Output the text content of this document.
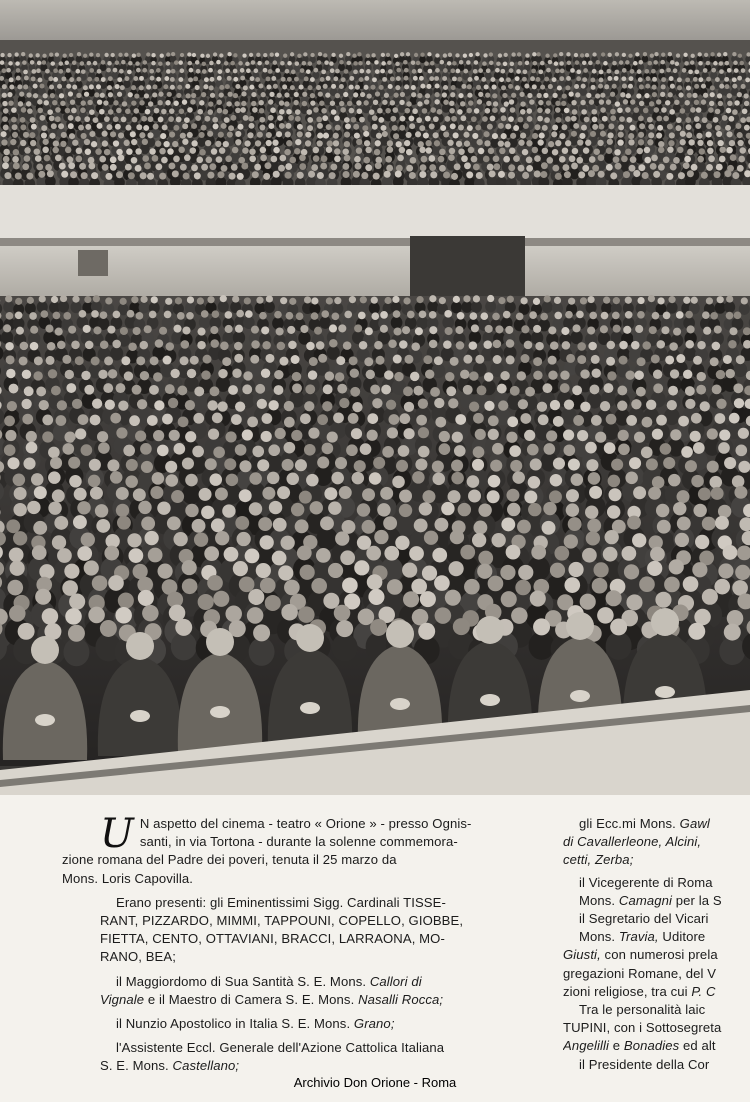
U N aspetto del cinema - teatro « Orione » - presso Ognis-
santi, in via Tortona - durante la solenne commemora-
zione romana del Padre dei poveri, tenuta il 25 marzo da
Mons. Loris Capovilla.

Erano presenti: gli Eminentissimi Sigg. Cardinali TISSE-
RANT, PIZZARDO, MIMMI, TAPPOUNI, COPELLO, GIOBBE,
FIETTA, CENTO, OTTAVIANI, BRACCI, LARRAONA, MO-
RANO, BEA;

il Maggiordomo di Sua Santità S. E. Mons. Callori di
Vignale e il Maestro di Camera S. E. Mons. Nasalli Rocca;

il Nunzio Apostolico in Italia S. E. Mons. Grano;

l'Assistente Eccl. Generale dell'Azione Cattolica Italiana
S. E. Mons. Castellano;

gli Ecc.mi Mons. Gawl
di Cavallerleone, Alcini,
cetti, Zerba;
il Vicegerente di Roma
Mons. Camagni per la S
il Segretario del Vicari
Mons. Travia, Uditore
Giusti, con numerosi prela
gregazioni Romane, del V
zioni religiose, tra cui P. C
Tra le personalità laic
TUPINI, con i Sottosegreta
Angelilli e Bonadies ed alt
il Presidente della Cor
Archivio Don Orione - Roma
